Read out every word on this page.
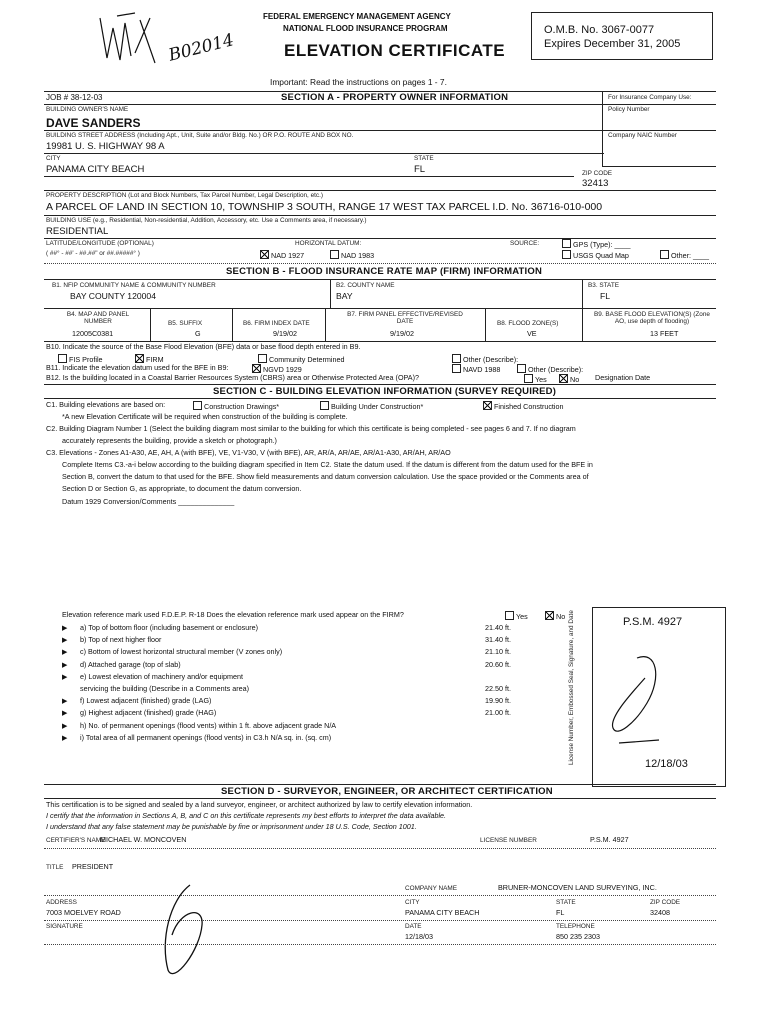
B02014
FEDERAL EMERGENCY MANAGEMENT AGENCY
NATIONAL FLOOD INSURANCE PROGRAM
ELEVATION CERTIFICATE
Important: Read the instructions on pages 1 - 7.
O.M.B. No. 3067-0077
Expires December 31, 2005
JOB # 38-12-03	SECTION A - PROPERTY OWNER INFORMATION	For Insurance Company Use:
BUILDING OWNER'S NAME
DAVE SANDERS
Policy Number
BUILDING STREET ADDRESS (Including Apt., Unit, Suite and/or Bldg. No.) OR P.O. ROUTE AND BOX NO.
19981 U. S. HIGHWAY 98 A
Company NAIC Number
CITY
PANAMA CITY BEACH
STATE
FL	ZIP CODE
32413
PROPERTY DESCRIPTION (Lot and Block Numbers, Tax Parcel Number, Legal Description, etc.)
A PARCEL OF LAND IN SECTION 10, TOWNSHIP 3 SOUTH, RANGE 17 WEST TAX PARCEL I.D. No. 36716-010-000
BUILDING USE (e.g., Residential, Non-residential, Addition, Accessory, etc. Use a Comments area, if necessary.)
RESIDENTIAL
LATITUDE/LONGITUDE (OPTIONAL)
( ##° - ##' - ##.##" or ##.#####° )
HORIZONTAL DATUM:
NAD 1927	NAD 1983
SOURCE:	GPS (Type): ____
USGS Quad Map	Other: ____
SECTION B - FLOOD INSURANCE RATE MAP (FIRM) INFORMATION
B1. NFIP COMMUNITY NAME & COMMUNITY NUMBER
BAY COUNTY 120004
B2. COUNTY NAME
BAY
B3. STATE
FL
B4. MAP AND PANEL NUMBER
12005C0381
B5. SUFFIX
G
B6. FIRM INDEX DATE
9/19/02
B7. FIRM PANEL EFFECTIVE/REVISED DATE
9/19/02
B8. FLOOD ZONE(S)
VE
B9. BASE FLOOD ELEVATION(S) (Zone AO, use depth of flooding)
13 FEET
B10. Indicate the source of the Base Flood Elevation (BFE) data or base flood depth entered in B9.
FIS Profile	FIRM	Community Determined	Other (Describe):
B11. Indicate the elevation datum used for the BFE in B9:	NGVD 1929	NAVD 1988	Other (Describe):
B12. Is the building located in a Coastal Barrier Resources System (CBRS) area or Otherwise Protected Area (OPA)?	Yes	No Designation Date
SECTION C - BUILDING ELEVATION INFORMATION (SURVEY REQUIRED)
C1. Building elevations are based on:	Construction Drawings*	Building Under Construction*	Finished Construction
*A new Elevation Certificate will be required when construction of the building is complete.
C2. Building Diagram Number 1 (Select the building diagram most similar to the building for which this certificate is being completed - see pages 6 and 7. If no diagram
accurately represents the building, provide a sketch or photograph.)
C3. Elevations - Zones A1-A30, AE, AH, A (with BFE), VE, V1-V30, V (with BFE), AR, AR/A, AR/AE, AR/A1-A30, AR/AH, AR/AO
Complete Items C3.-a-i below according to the building diagram specified in Item C2. State the datum used. If the datum is different from the datum used for the BFE in
Section B, convert the datum to that used for the BFE. Show field measurements and datum conversion calculation. Use the space provided or the Comments area of
Section D or Section G, as appropriate, to document the datum conversion.
Datum 1929 Conversion/Comments ______________
Elevation reference mark used F.D.E.P. R-18 Does the elevation reference mark used appear on the FIRM?	Yes	No
▶ a) Top of bottom floor (including basement or enclosure)	21.40 ft.
▶ b) Top of next higher floor	31.40 ft.
▶ c) Bottom of lowest horizontal structural member (V zones only)	21.10 ft.
▶ d) Attached garage (top of slab)	20.60 ft.
▶ e) Lowest elevation of machinery and/or equipment
servicing the building (Describe in a Comments area)	22.50 ft.
▶ f) Lowest adjacent (finished) grade (LAG)	19.90 ft.
▶ g) Highest adjacent (finished) grade (HAG)	21.00 ft.
▶ h) No. of permanent openings (flood vents) within 1 ft. above adjacent grade N/A
▶ i) Total area of all permanent openings (flood vents) in C3.h N/A sq. in. (sq. cm)
P.S.M. 4927
12/18/03
License Number, Embossed Seal, Signature, and Date
SECTION D - SURVEYOR, ENGINEER, OR ARCHITECT CERTIFICATION
This certification is to be signed and sealed by a land surveyor, engineer, or architect authorized by law to certify elevation information.
I certify that the information in Sections A, B, and C on this certificate represents my best efforts to interpret the data available.
I understand that any false statement may be punishable by fine or imprisonment under 18 U.S. Code, Section 1001.
CERTIFIER'S NAME
MICHAEL W. MONCOVEN	LICENSE NUMBER	P.S.M. 4927
TITLE PRESIDENT
COMPANY NAME	BRUNER-MONCOVEN LAND SURVEYING, INC.
ADDRESS
7003 MOELVEY ROAD
CITY
PANAMA CITY BEACH
STATE
FL
ZIP CODE
32408
SIGNATURE	DATE
12/18/03
TELEPHONE
850 235 2303
